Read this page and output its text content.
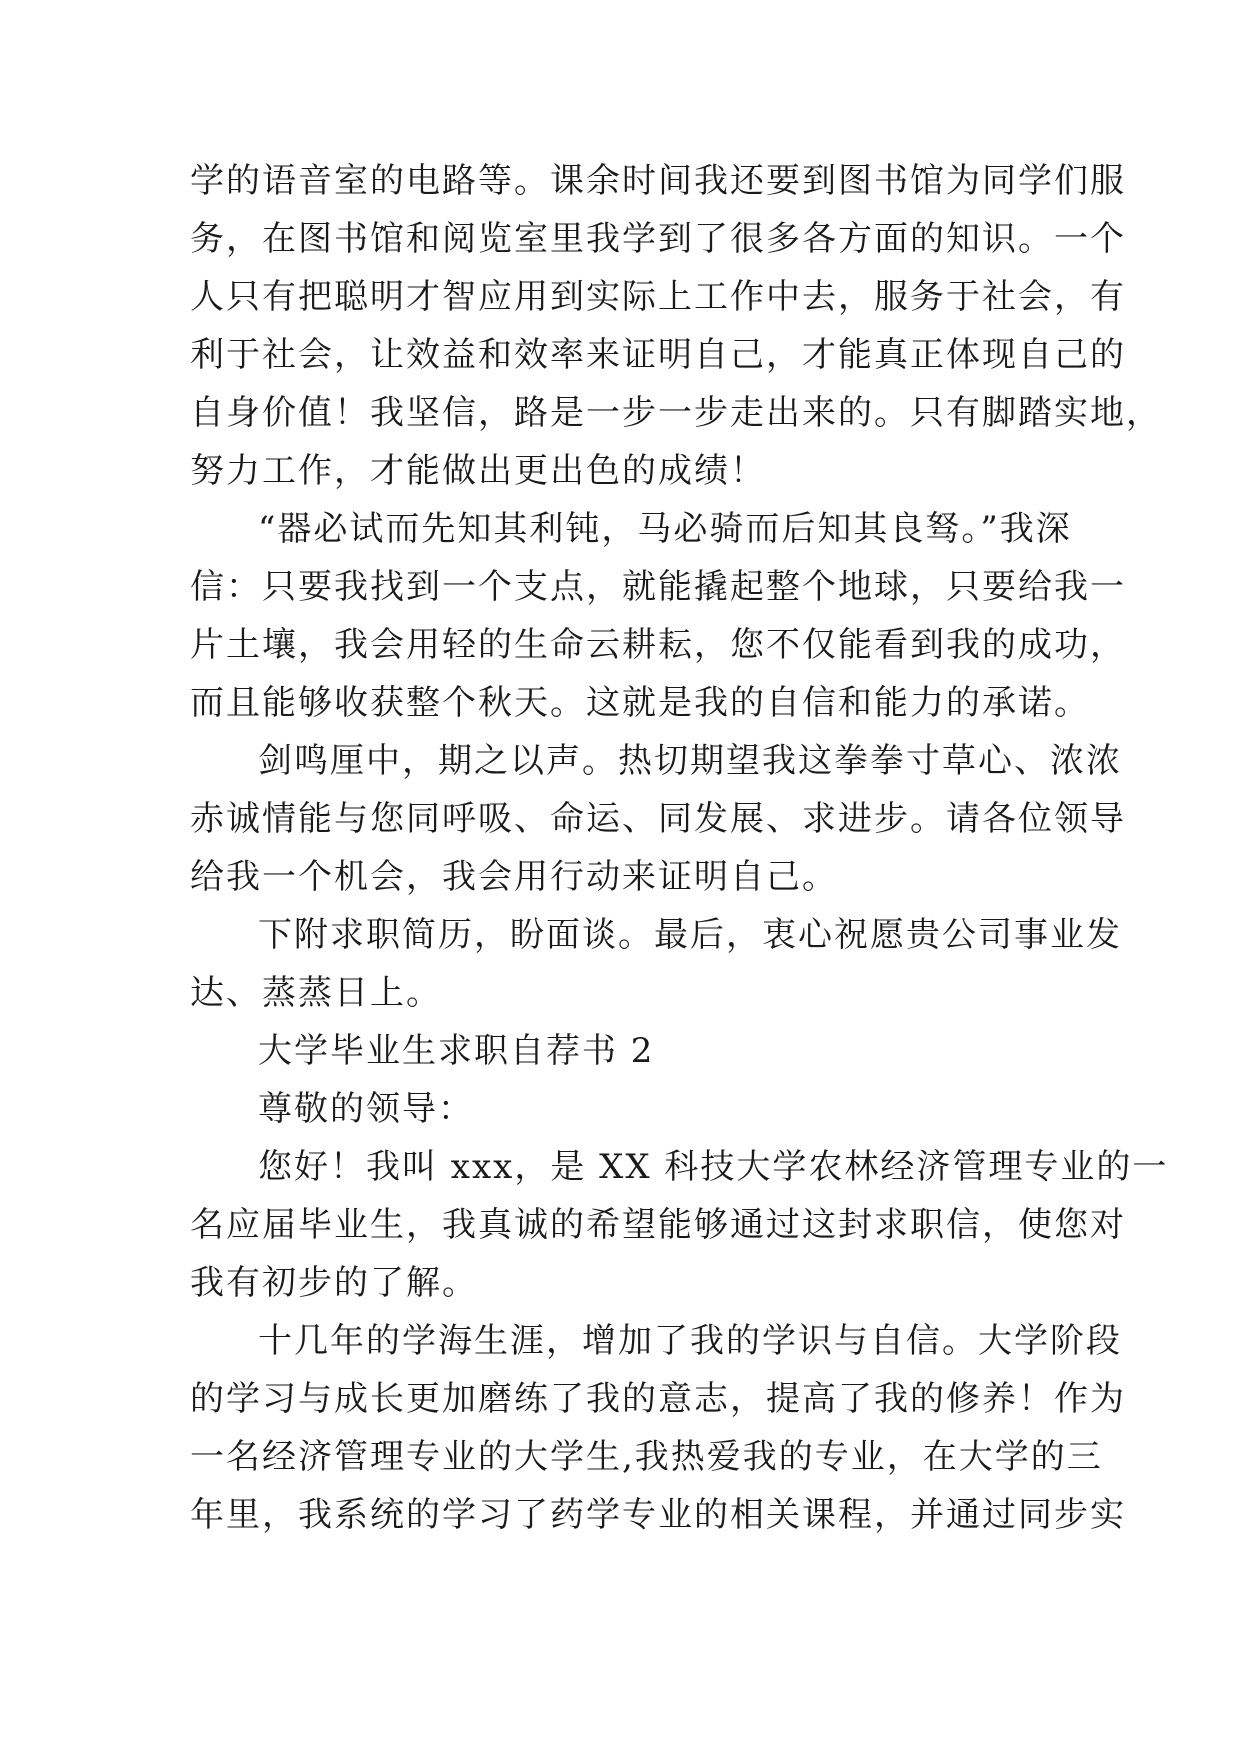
学的语音室的电路等。课余时间我还要到图书馆为同学们服
务，在图书馆和阅览室里我学到了很多各方面的知识。一个
人只有把聪明才智应用到实际上工作中去，服务于社会，有
利于社会，让效益和效率来证明自己，才能真正体现自己的
自身价值！我坚信，路是一步一步走出来的。只有脚踏实地，
努力工作，才能做出更出色的成绩！
“器必试而先知其利钝，马必骑而后知其良驽。”我深
信：只要我找到一个支点，就能撬起整个地球，只要给我一
片土壤，我会用轻的生命云耕耘，您不仅能看到我的成功，
而且能够收获整个秋天。这就是我的自信和能力的承诺。
剑鸣厘中，期之以声。热切期望我这拳拳寸草心、浓浓
赤诚情能与您同呼吸、命运、同发展、求进步。请各位领导
给我一个机会，我会用行动来证明自己。
下附求职简历，盼面谈。最后，衷心祝愿贵公司事业发
达、蒸蒸日上。
大学毕业生求职自荐书 2
尊敬的领导：
您好！我叫 xxx，是 XX 科技大学农林经济管理专业的一
名应届毕业生，我真诚的希望能够通过这封求职信，使您对
我有初步的了解。
十几年的学海生涯，增加了我的学识与自信。大学阶段
的学习与成长更加磨练了我的意志，提高了我的修养！作为
一名经济管理专业的大学生,我热爱我的专业，在大学的三
年里，我系统的学习了药学专业的相关课程，并通过同步实
